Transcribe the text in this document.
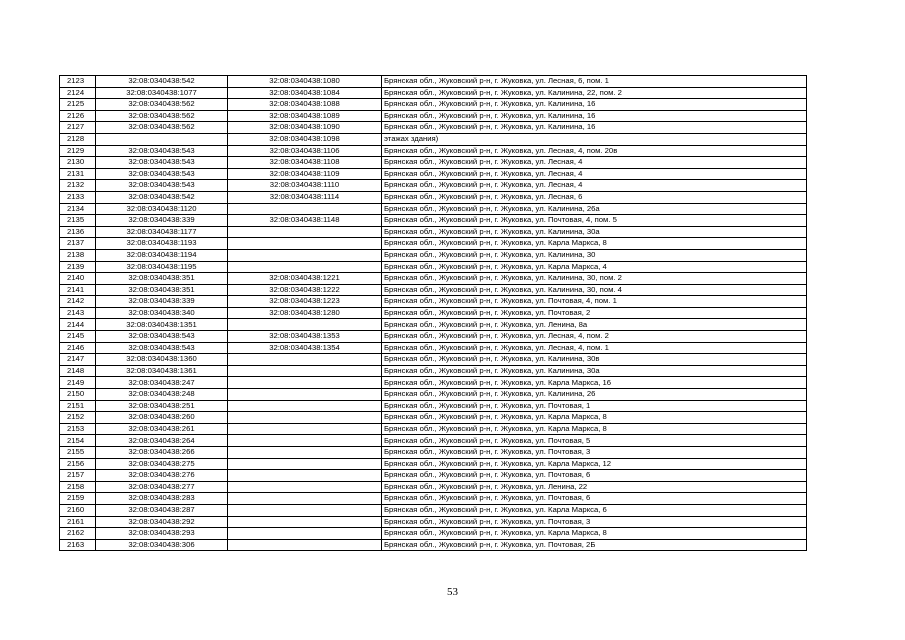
2123	32:08:0340438:542	32:08:0340438:1080	Брянская обл., Жуковский р-н, г. Жуковка, ул. Лесная, 6, пом. 1
2124	32:08:0340438:1077	32:08:0340438:1084	Брянская обл., Жуковский р-н, г. Жуковка, ул. Калинина, 22, пом. 2
2125	32:08:0340438:562	32:08:0340438:1088	Брянская обл., Жуковский р-н, г. Жуковка, ул. Калинина, 16
2126	32:08:0340438:562	32:08:0340438:1089	Брянская обл., Жуковский р-н, г. Жуковка, ул. Калинина, 16
2127	32:08:0340438:562	32:08:0340438:1090	Брянская обл., Жуковский р-н, г. Жуковка, ул. Калинина, 16
2128		32:08:0340438:1098	этажах здания)
2129	32:08:0340438:543	32:08:0340438:1106	Брянская обл., Жуковский р-н, г. Жуковка, ул. Лесная, 4, пом. 20в
2130	32:08:0340438:543	32:08:0340438:1108	Брянская обл., Жуковский р-н, г. Жуковка, ул. Лесная, 4
2131	32:08:0340438:543	32:08:0340438:1109	Брянская обл., Жуковский р-н, г. Жуковка, ул. Лесная, 4
2132	32:08:0340438:543	32:08:0340438:1110	Брянская обл., Жуковский р-н, г. Жуковка, ул. Лесная, 4
2133	32:08:0340438:542	32:08:0340438:1114	Брянская обл., Жуковский р-н, г. Жуковка, ул. Лесная, 6
2134	32:08:0340438:1120		Брянская обл., Жуковский р-н, г. Жуковка, ул. Калинина, 26а
2135	32:08:0340438:339	32:08:0340438:1148	Брянская обл., Жуковский р-н, г. Жуковка, ул. Почтовая, 4, пом. 5
2136	32:08:0340438:1177		Брянская обл., Жуковский р-н, г. Жуковка, ул. Калинина, 30а
2137	32:08:0340438:1193		Брянская обл., Жуковский р-н, г. Жуковка, ул. Карла Маркса, 8
2138	32:08:0340438:1194		Брянская обл., Жуковский р-н, г. Жуковка, ул. Калинина, 30
2139	32:08:0340438:1195		Брянская обл., Жуковский р-н, г. Жуковка, ул. Карла Маркса, 4
2140	32:08:0340438:351	32:08:0340438:1221	Брянская обл., Жуковский р-н, г. Жуковка, ул. Калинина, 30, пом. 2
2141	32:08:0340438:351	32:08:0340438:1222	Брянская обл., Жуковский р-н, г. Жуковка, ул. Калинина, 30, пом. 4
2142	32:08:0340438:339	32:08:0340438:1223	Брянская обл., Жуковский р-н, г. Жуковка, ул. Почтовая, 4, пом. 1
2143	32:08:0340438:340	32:08:0340438:1280	Брянская обл., Жуковский р-н, г. Жуковка, ул. Почтовая, 2
2144	32:08:0340438:1351		Брянская обл., Жуковский р-н, г. Жуковка, ул. Ленина, 8а
2145	32:08:0340438:543	32:08:0340438:1353	Брянская обл., Жуковский р-н, г. Жуковка, ул. Лесная, 4, пом. 2
2146	32:08:0340438:543	32:08:0340438:1354	Брянская обл., Жуковский р-н, г. Жуковка, ул. Лесная, 4, пом. 1
2147	32:08:0340438:1360		Брянская обл., Жуковский р-н, г. Жуковка, ул. Калинина, 30в
2148	32:08:0340438:1361		Брянская обл., Жуковский р-н, г. Жуковка, ул. Калинина, 30а
2149	32:08:0340438:247		Брянская обл., Жуковский р-н, г. Жуковка, ул. Карла Маркса, 16
2150	32:08:0340438:248		Брянская обл., Жуковский р-н, г. Жуковка, ул. Калинина, 26
2151	32:08:0340438:251		Брянская обл., Жуковский р-н, г. Жуковка, ул. Почтовая, 1
2152	32:08:0340438:260		Брянская обл., Жуковский р-н, г. Жуковка, ул. Карла Маркса, 8
2153	32:08:0340438:261		Брянская обл., Жуковский р-н, г. Жуковка, ул. Карла Маркса, 8
2154	32:08:0340438:264		Брянская обл., Жуковский р-н, г. Жуковка, ул. Почтовая, 5
2155	32:08:0340438:266		Брянская обл., Жуковский р-н, г. Жуковка, ул. Почтовая, 3
2156	32:08:0340438:275		Брянская обл., Жуковский р-н, г. Жуковка, ул. Карла Маркса, 12
2157	32:08:0340438:276		Брянская обл., Жуковский р-н, г. Жуковка, ул. Почтовая, 6
2158	32:08:0340438:277		Брянская обл., Жуковский р-н, г. Жуковка, ул. Ленина, 22
2159	32:08:0340438:283		Брянская обл., Жуковский р-н, г. Жуковка, ул. Почтовая, 6
2160	32:08:0340438:287		Брянская обл., Жуковский р-н, г. Жуковка, ул. Карла Маркса, 6
2161	32:08:0340438:292		Брянская обл., Жуковский р-н, г. Жуковка, ул. Почтовая, 3
2162	32:08:0340438:293		Брянская обл., Жуковский р-н, г. Жуковка, ул. Карла Маркса, 8
2163	32:08:0340438:306		Брянская обл., Жуковский р-н, г. Жуковка, ул. Почтовая, 2Б
53
